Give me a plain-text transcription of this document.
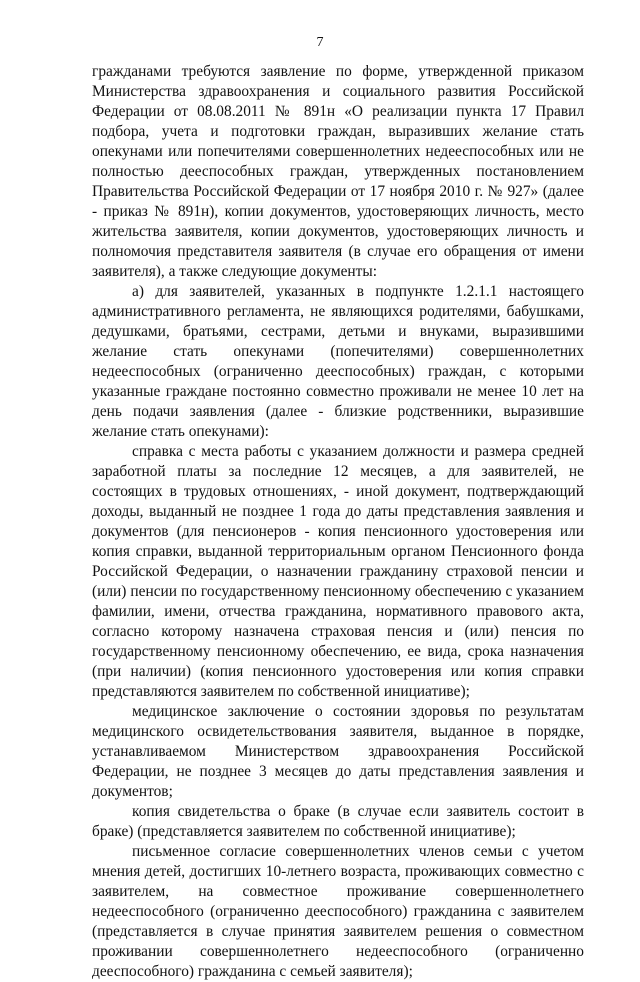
7

гражданами требуются заявление по форме, утвержденной приказом Министерства здравоохранения и социального развития Российской Федерации от 08.08.2011 № 891н «О реализации пункта 17 Правил подбора, учета и подготовки граждан, выразивших желание стать опекунами или попечителями совершеннолетних недееспособных или не полностью дееспособных граждан, утвержденных постановлением Правительства Российской Федерации от 17 ноября 2010 г. № 927» (далее - приказ № 891н), копии документов, удостоверяющих личность, место жительства заявителя, копии документов, удостоверяющих личность и полномочия представителя заявителя (в случае его обращения от имени заявителя), а также следующие документы:

а) для заявителей, указанных в подпункте 1.2.1.1 настоящего административного регламента, не являющихся родителями, бабушками, дедушками, братьями, сестрами, детьми и внуками, выразившими желание стать опекунами (попечителями) совершеннолетних недееспособных (ограниченно дееспособных) граждан, с которыми указанные граждане постоянно совместно проживали не менее 10 лет на день подачи заявления (далее - близкие родственники, выразившие желание стать опекунами):

справка с места работы с указанием должности и размера средней заработной платы за последние 12 месяцев, а для заявителей, не состоящих в трудовых отношениях, - иной документ, подтверждающий доходы, выданный не позднее 1 года до даты представления заявления и документов (для пенсионеров - копия пенсионного удостоверения или копия справки, выданной территориальным органом Пенсионного фонда Российской Федерации, о назначении гражданину страховой пенсии и (или) пенсии по государственному пенсионному обеспечению с указанием фамилии, имени, отчества гражданина, нормативного правового акта, согласно которому назначена страховая пенсия и (или) пенсия по государственному пенсионному обеспечению, ее вида, срока назначения (при наличии) (копия пенсионного удостоверения или копия справки представляются заявителем по собственной инициативе);

медицинское заключение о состоянии здоровья по результатам медицинского освидетельствования заявителя, выданное в порядке, устанавливаемом Министерством здравоохранения Российской Федерации, не позднее 3 месяцев до даты представления заявления и документов;

копия свидетельства о браке (в случае если заявитель состоит в браке) (представляется заявителем по собственной инициативе);

письменное согласие совершеннолетних членов семьи с учетом мнения детей, достигших 10-летнего возраста, проживающих совместно с заявителем, на совместное проживание совершеннолетнего недееспособного (ограниченно дееспособного) гражданина с заявителем (представляется в случае принятия заявителем решения о совместном проживании совершеннолетнего недееспособного (ограниченно дееспособного) гражданина с семьей заявителя);
